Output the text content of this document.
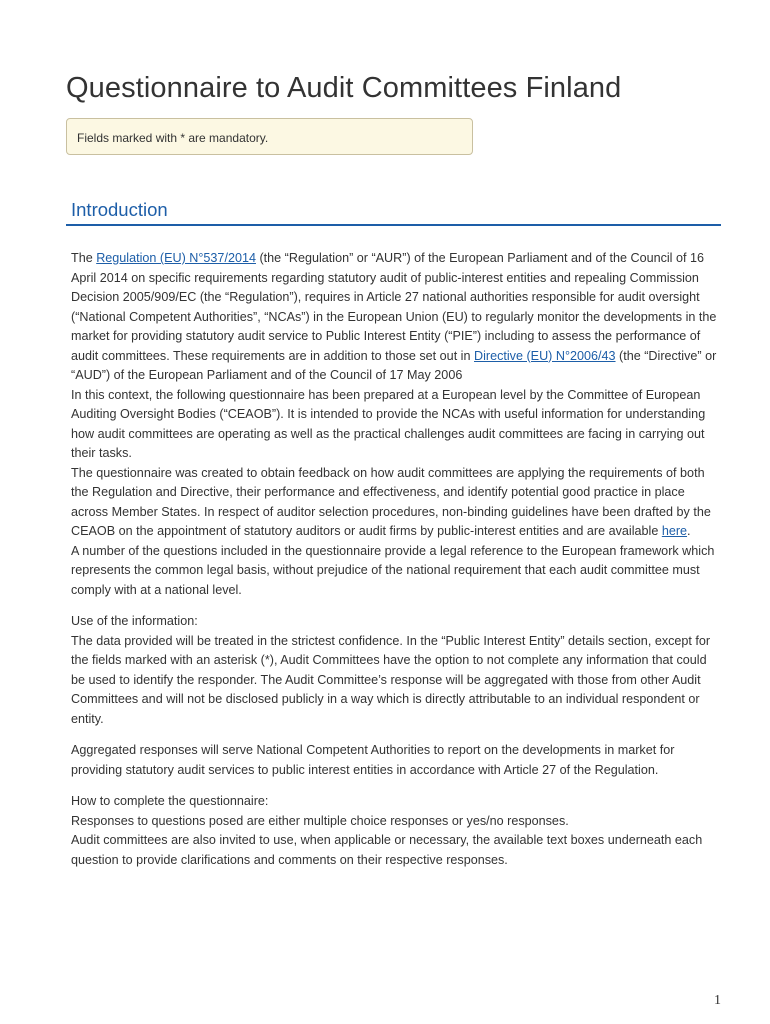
Questionnaire to Audit Committees Finland
Fields marked with * are mandatory.
Introduction

The Regulation (EU) N°537/2014 (the “Regulation” or “AUR”) of the European Parliament and of the Council of 16 April 2014 on specific requirements regarding statutory audit of public-interest entities and repealing Commission Decision 2005/909/EC (the “Regulation”), requires in Article 27 national authorities responsible for audit oversight (“National Competent Authorities”, “NCAs”) in the European Union (EU) to regularly monitor the developments in the market for providing statutory audit service to Public Interest Entity (“PIE”) including to assess the performance of audit committees. These requirements are in addition to those set out in Directive (EU) N°2006/43 (the “Directive” or “AUD”) of the European Parliament and of the Council of 17 May 2006

In this context, the following questionnaire has been prepared at a European level by the Committee of European Auditing Oversight Bodies (“CEAOB”). It is intended to provide the NCAs with useful information for understanding how audit committees are operating as well as the practical challenges audit committees are facing in carrying out their tasks.

The questionnaire was created to obtain feedback on how audit committees are applying the requirements of both the Regulation and Directive, their performance and effectiveness, and identify potential good practice in place across Member States. In respect of auditor selection procedures, non-binding guidelines have been drafted by the CEAOB on the appointment of statutory auditors or audit firms by public-interest entities and are available here.

A number of the questions included in the questionnaire provide a legal reference to the European framework which represents the common legal basis, without prejudice of the national requirement that each audit committee must comply with at a national level.

Use of the information:

The data provided will be treated in the strictest confidence. In the “Public Interest Entity” details section, except for the fields marked with an asterisk (*), Audit Committees have the option to not complete any information that could be used to identify the responder. The Audit Committee’s response will be aggregated with those from other Audit Committees and will not be disclosed publicly in a way which is directly attributable to an individual respondent or entity.

Aggregated responses will serve National Competent Authorities to report on the developments in market for providing statutory audit services to public interest entities in accordance with Article 27 of the Regulation.

How to complete the questionnaire:

Responses to questions posed are either multiple choice responses or yes/no responses.

Audit committees are also invited to use, when applicable or necessary, the available text boxes underneath each question to provide clarifications and comments on their respective responses.

1
